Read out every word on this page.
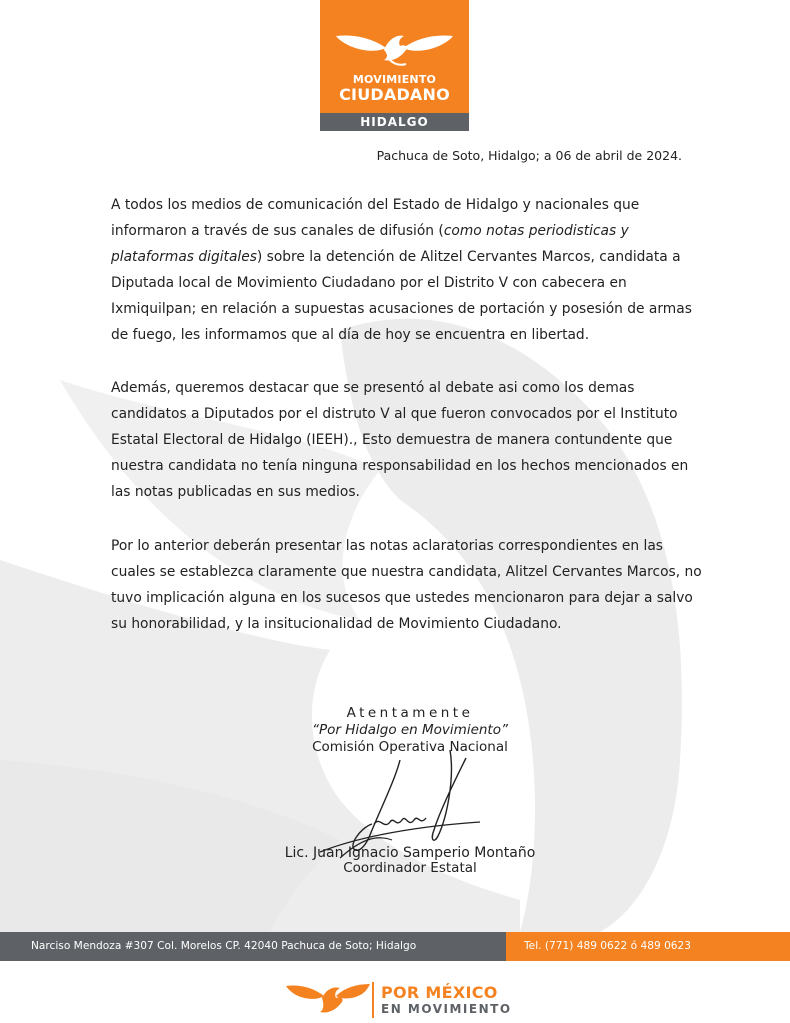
MOVIMIENTO
CIUDADANO
HIDALGO
Pachuca de Soto, Hidalgo; a 06 de abril de 2024.
A todos los medios de comunicación del Estado de Hidalgo y nacionales que informaron a través de sus canales de difusión (como notas periodisticas y plataformas digitales) sobre la detención de Alitzel Cervantes Marcos, candidata a Diputada local de Movimiento Ciudadano por el Distrito V con cabecera en Ixmiquilpan; en relación a supuestas acusaciones de portación y posesión de armas de fuego, les informamos que al día de hoy se encuentra en libertad.
Además, queremos destacar que se presentó al debate asi como los demas candidatos a Diputados por el distruto V al que fueron convocados por el Instituto Estatal Electoral de Hidalgo (IEEH)., Esto demuestra de manera contundente que nuestra candidata no tenía ninguna responsabilidad en los hechos mencionados en las notas publicadas en sus medios.
Por lo anterior deberán presentar las notas aclaratorias correspondientes en las cuales se establezca claramente que nuestra candidata, Alitzel Cervantes Marcos, no tuvo implicación alguna en los sucesos que ustedes mencionaron para dejar a salvo su honorabilidad, y la insitucionalidad de Movimiento Ciudadano.
Atentamente
“Por Hidalgo en Movimiento”
Comisión Operativa Nacional
Lic. Juan Ignacio Samperio Montaño
Coordinador Estatal
Narciso Mendoza #307 Col. Morelos CP. 42040 Pachuca de Soto; Hidalgo	Tel. (771) 489 0622 ó 489 0623
POR MÉXICO
EN MOVIMIENTO
